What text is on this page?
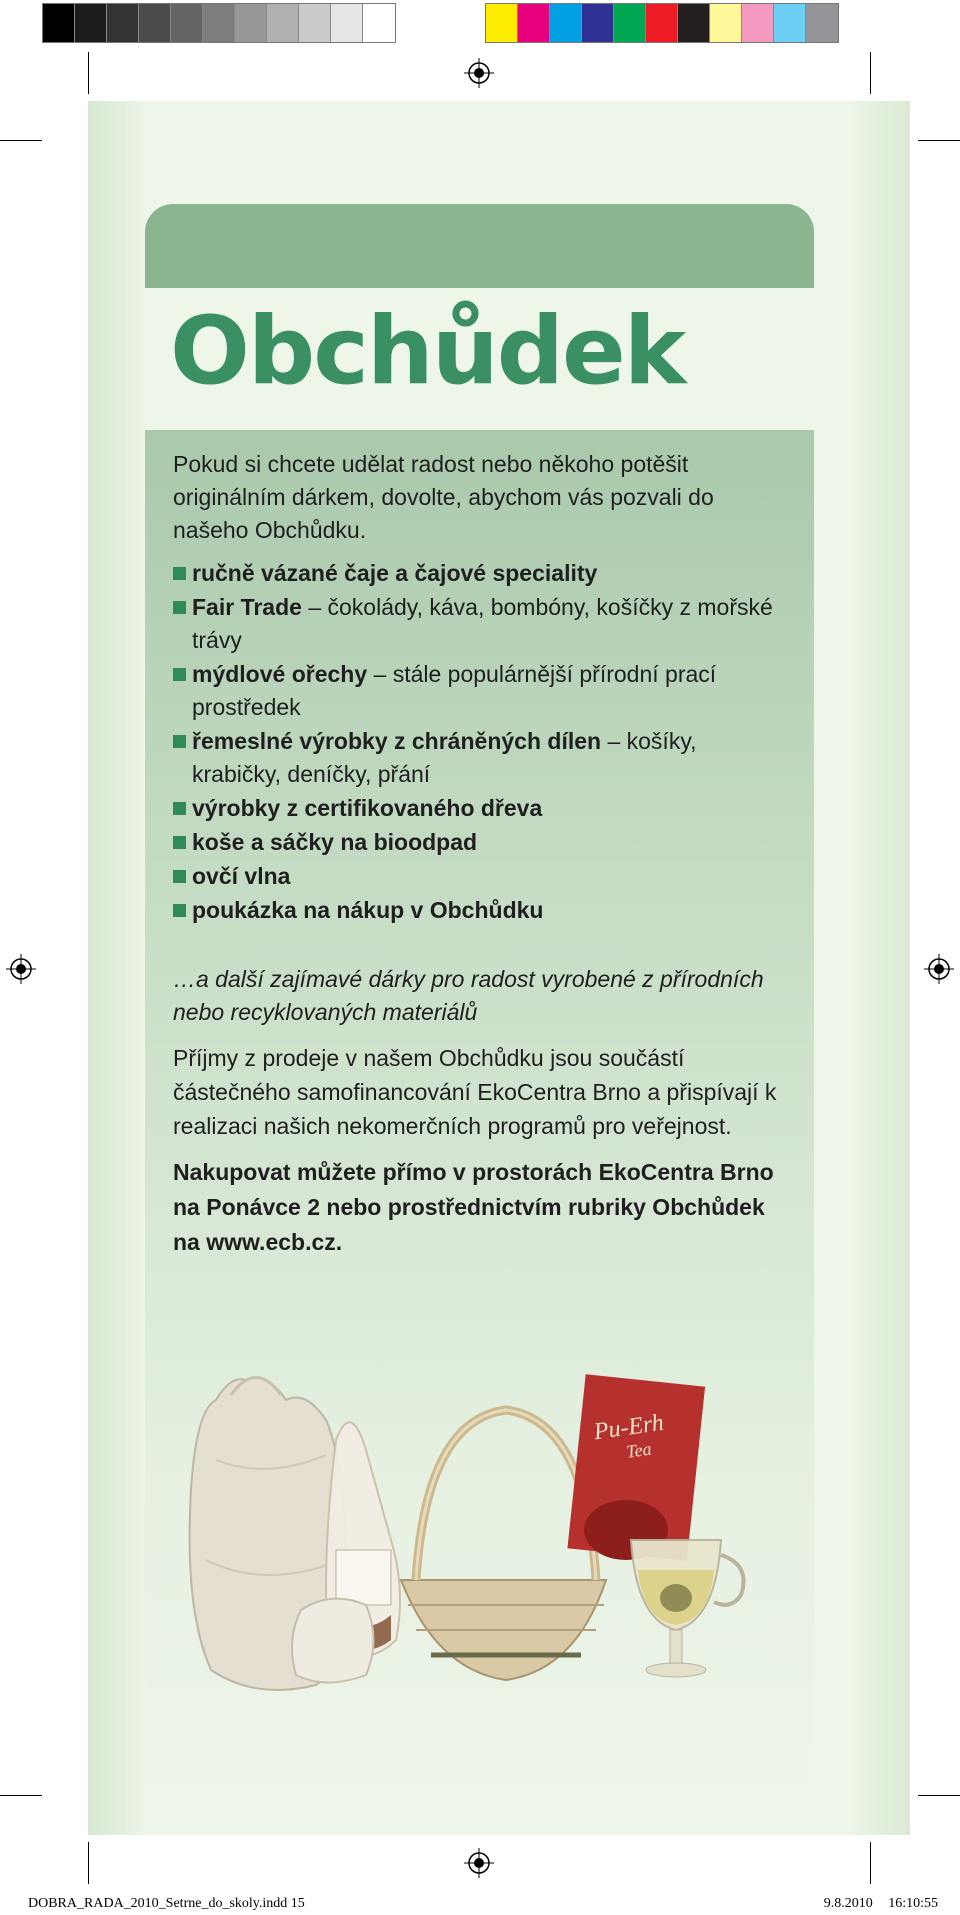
Obchůdek

Pokud si chcete udělat radost nebo někoho potěšit originálním dárkem, dovolte, abychom vás pozvali do našeho Obchůdku.

ručně vázané čaje a čajové speciality
Fair Trade – čokolády, káva, bombóny, košíčky z mořské trávy
mýdlové ořechy – stále populárnější přírodní prací prostředek
řemeslné výrobky z chráněných dílen – košíky, krabičky, deníčky, přání
výrobky z certifikovaného dřeva
koše a sáčky na bioodpad
ovčí vlna
poukázka na nákup v Obchůdku

…a další zajímavé dárky pro radost vyrobené z přírodních nebo recyklovaných materiálů

Příjmy z prodeje v našem Obchůdku jsou součástí částečného samofinancování EkoCentra Brno a přispívají k realizaci našich nekomerčních programů pro veřejnost.

Nakupovat můžete přímo v prostorách EkoCentra Brno na Ponávce 2 nebo prostřednictvím rubriky Obchůdek na www.ecb.cz.

Pu-Erh
Tea
DOBRA_RADA_2010_Setrne_do_skoly.indd 15	9.8.2010 16:10:55
